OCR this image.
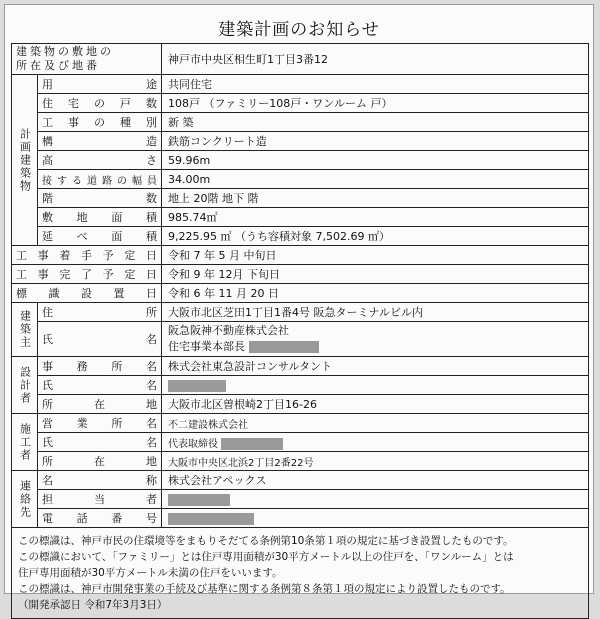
建築計画のお知らせ
建築物の敷地の
所在及び地番		神戸市中央区相生町1丁目3番12
計画建築物	用途	共同住宅
	住宅の戸数	108戸 （ファミリー108戸・ワンルーム 戸）
	工事の種別	新 築
	構造	鉄筋コンクリート造
	高さ	59.96m
	接する道路の幅員	34.00m
	階数	地上 20階 地下 階
	敷地面積	985.74㎡
	延べ面積	9,225.95 ㎡ （うち容積対象 7,502.69 ㎡）
工事着手予定日		令和 7 年 5 月 中旬日
工事完了予定日		令和 9 年 12月 下旬日
標識設置日		令和 6 年 11 月 20 日
建築主	住所	大阪市北区芝田1丁目1番4号 阪急ターミナルビル内
	氏名	阪急阪神不動産株式会社
住宅事業本部長

設計者	事務所名	株式会社東急設計コンサルタント
	氏名	
	所在地	大阪市北区曽根崎2丁目16-26
施工者	営業所名	不二建設株式会社
	氏名	代表取締役
	所在地	大阪市中央区北浜2丁目2番22号
連絡先	名称	株式会社アペックス
	担当者	
	電話番号	

この標識は、神戸市民の住環境等をまもりそだてる条例第10条第１項の規定に基づき設置したものです。
この標識において、「ファミリー」とは住戸専用面積が30平方メートル以上の住戸を、「ワンルーム」とは
住戸専用面積が30平方メートル未満の住戸をいいます。
この標識は、神戸市開発事業の手続及び基準に関する条例第８条第１項の規定により設置したものです。
（開発承認日 令和7年3月3日）		
